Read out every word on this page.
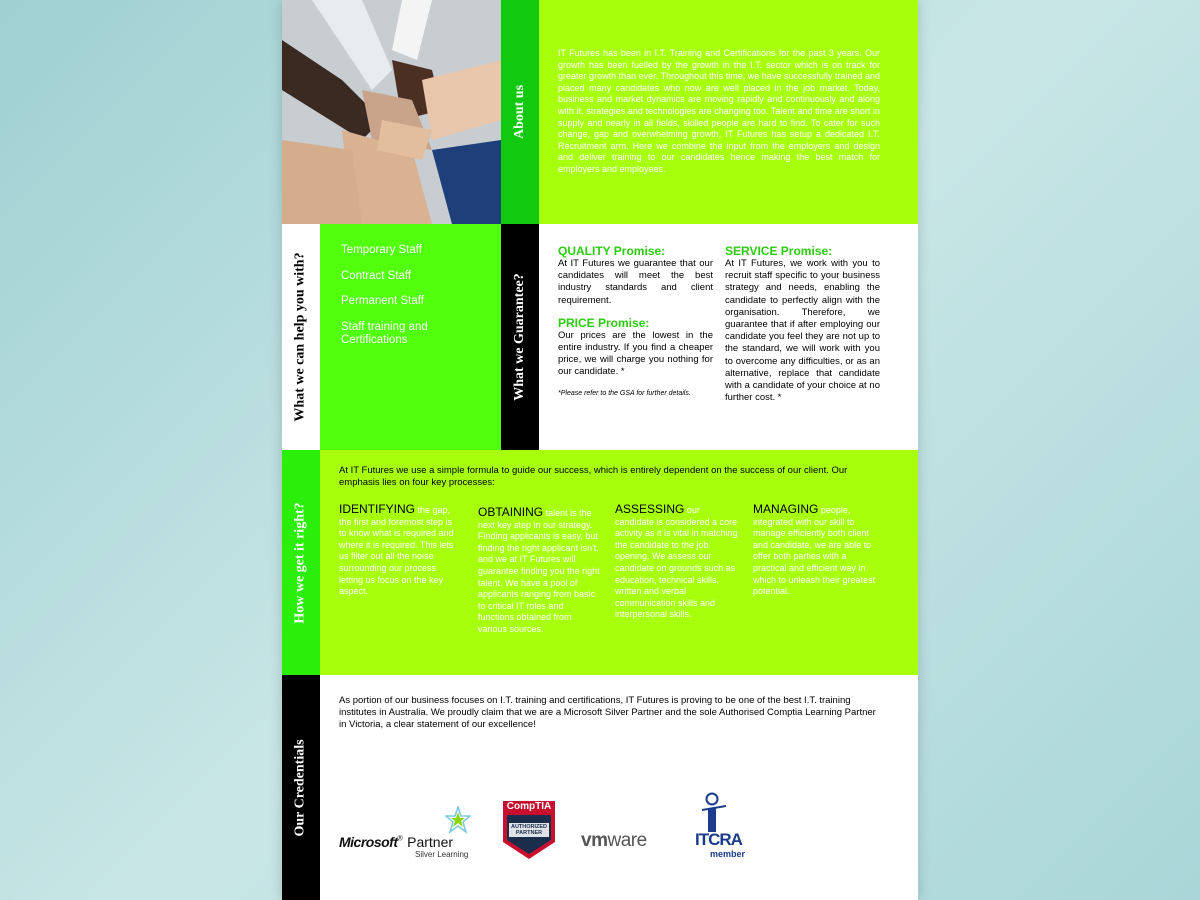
About us
IT Futures has been in I.T. Training and Certifications for the past 3 years. Our growth has been fuelled by the growth in the I.T. sector which is on track for greater growth than ever. Throughout this time, we have successfully trained and placed many candidates who now are well placed in the job market. Today, business and market dynamics are moving rapidly and continuously and along with it, strategies and technologies are changing too. Talent and time are short in supply and nearly in all fields, skilled people are hard to find. To cater for such change, gap and overwhelming growth, IT Futures has setup a dedicated I.T. Recruitment arm. Here we combine the input from the employers and design and deliver training to our candidates hence making the best match for employers and employees.
What we can help you with?
Temporary Staff
Contract Staff
Permanent Staff
Staff training and Certifications	What we Guarantee?
QUALITY Promise:
At IT Futures we guarantee that our candidates will meet the best industry standards and client requirement.
PRICE Promise:
Our prices are the lowest in the entire industry. If you find a cheaper price, we will charge you nothing for our candidate. *
*Please refer to the GSA for further details.
SERVICE Promise:
At IT Futures, we work with you to recruit staff specific to your business strategy and needs, enabling the candidate to perfectly align with the organisation. Therefore, we guarantee that if after employing our candidate you feel they are not up to the standard, we will work with you to overcome any difficulties, or as an alternative, replace that candidate with a candidate of your choice at no further cost. *
How we get it right?
At IT Futures we use a simple formula to guide our success, which is entirely dependent on the success of our client. Our emphasis lies on four key processes:
IDENTIFYING the gap, the first and foremost step is to know what is required and where it is required. This lets us filter out all the noise surrounding our process letting us focus on the key aspect.
OBTAINING talent is the next key step in our strategy. Finding applicants is easy, but finding the right applicant isn't, and we at IT Futures will guarantee finding you the right talent. We have a pool of applicants ranging from basic to critical IT roles and functions obtained from various sources.
ASSESSING our candidate is considered a core activity as it is vital in matching the candidate to the job opening. We assess our candidate on grounds such as education, technical skills, written and verbal communication skills and interpersonal skills.
MANAGING people, integrated with our skill to manage efficiently both client and candidate, we are able to offer both parties with a practical and efficient way in which to unleash their greatest potential.
Our Credentials
As portion of our business focuses on I.T. training and certifications, IT Futures is proving to be one of the best I.T. training institutes in Australia. We proudly claim that we are a Microsoft Silver Partner and the sole Authorised Comptia Learning Partner in Victoria, a clear statement of our excellence!
Microsoft® Partner
Silver Learning
CompTIA
AUTHORIZED
PARTNER	vmware	ITCRA
member
